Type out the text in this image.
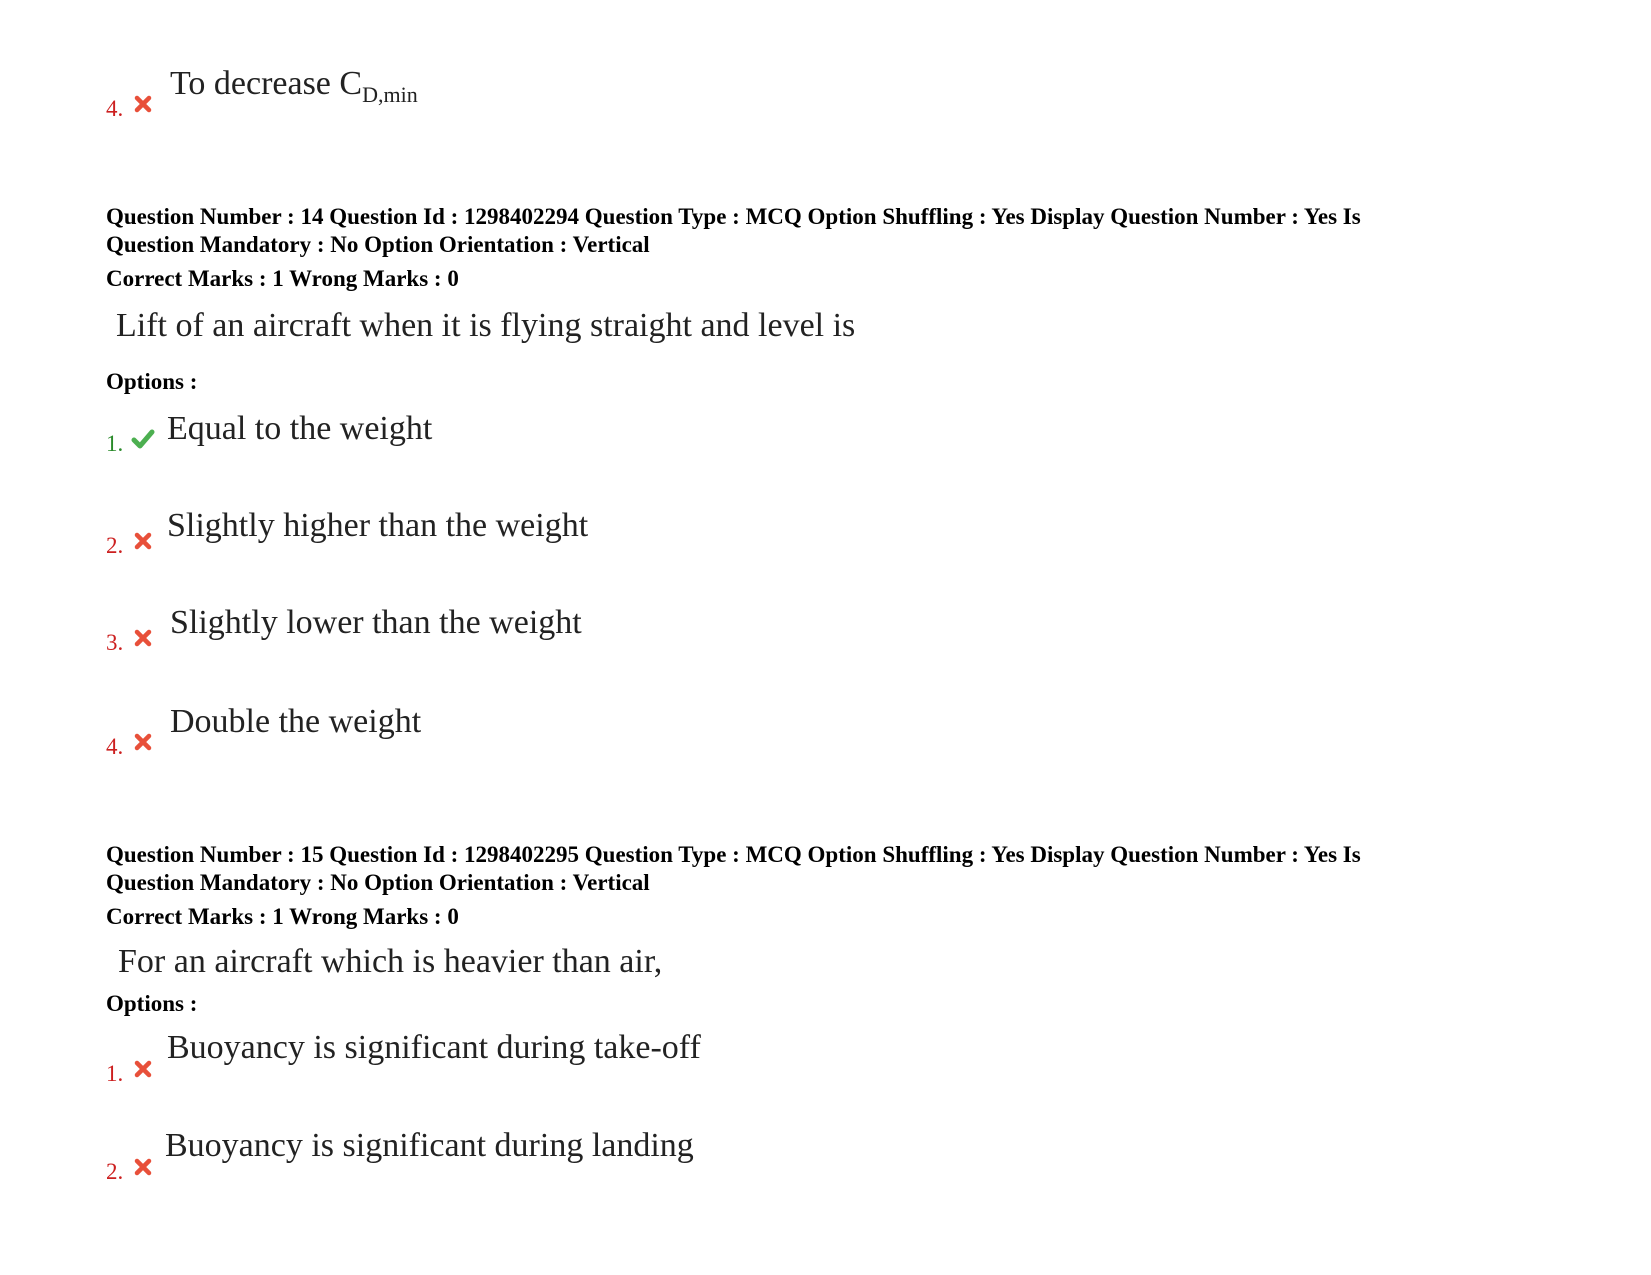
4.
To decrease $C_{D,min}$
Question Number : 14 Question Id : 1298402294 Question Type : MCQ Option Shuffling : Yes Display Question Number : Yes Is
Question Mandatory : No Option Orientation : Vertical
Correct Marks : 1 Wrong Marks : 0
Lift of an aircraft when it is flying straight and level is
Options :
1. Equal to the weight
2.
Slightly higher than the weight
3.
Slightly lower than the weight
4.
Double the weight
Question Number : 15 Question Id : 1298402295 Question Type : MCQ Option Shuffling : Yes Display Question Number : Yes Is
Question Mandatory : No Option Orientation : Vertical
Correct Marks : 1 Wrong Marks : 0
For an aircraft which is heavier than air,
Options :
1.
Buoyancy is significant during take-off
2.
Buoyancy is significant during landing
